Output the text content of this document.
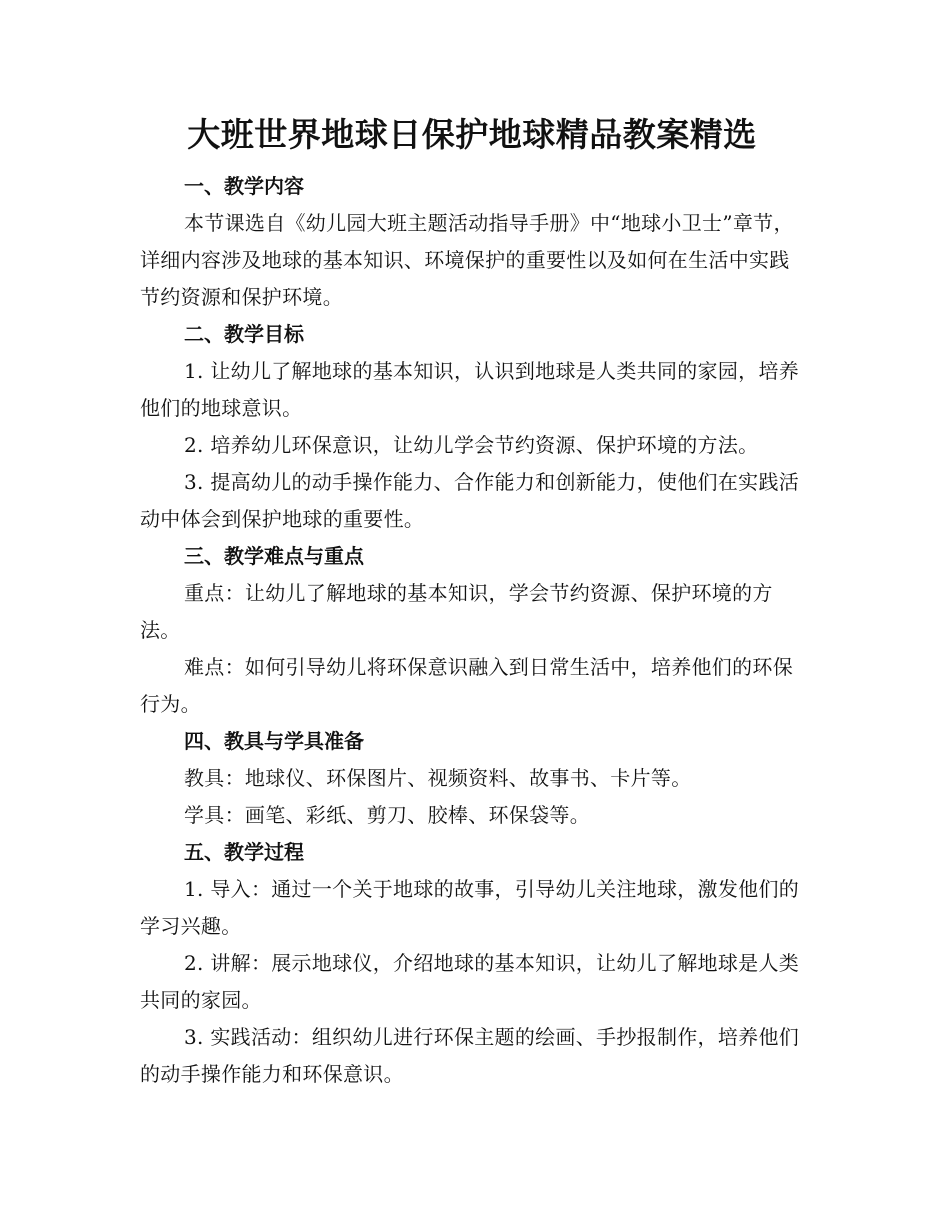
大班世界地球日保护地球精品教案精选

一、教学内容

本节课选自《幼儿园大班主题活动指导手册》中“地球小卫士”章节，详细内容涉及地球的基本知识、环境保护的重要性以及如何在生活中实践节约资源和保护环境。

二、教学目标

1. 让幼儿了解地球的基本知识，认识到地球是人类共同的家园，培养他们的地球意识。

2. 培养幼儿环保意识，让幼儿学会节约资源、保护环境的方法。

3. 提高幼儿的动手操作能力、合作能力和创新能力，使他们在实践活动中体会到保护地球的重要性。

三、教学难点与重点

重点：让幼儿了解地球的基本知识，学会节约资源、保护环境的方法。

难点：如何引导幼儿将环保意识融入到日常生活中，培养他们的环保行为。

四、教具与学具准备

教具：地球仪、环保图片、视频资料、故事书、卡片等。

学具：画笔、彩纸、剪刀、胶棒、环保袋等。

五、教学过程

1. 导入：通过一个关于地球的故事，引导幼儿关注地球，激发他们的学习兴趣。

2. 讲解：展示地球仪，介绍地球的基本知识，让幼儿了解地球是人类共同的家园。

3. 实践活动：组织幼儿进行环保主题的绘画、手抄报制作，培养他们的动手操作能力和环保意识。
